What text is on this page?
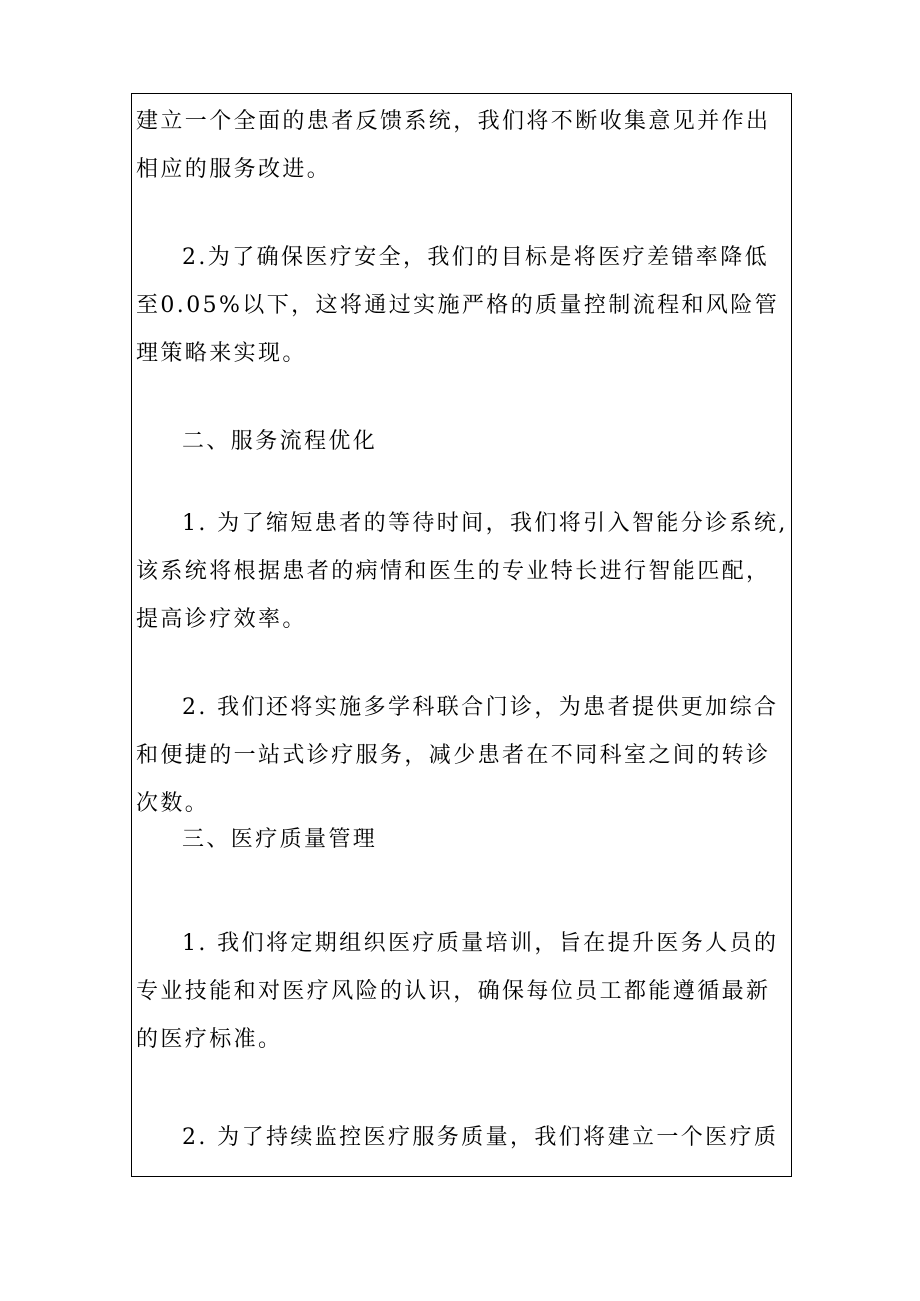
建立一个全面的患者反馈系统，我们将不断收集意见并作出相应的服务改进。

2.为了确保医疗安全，我们的目标是将医疗差错率降低至0.05%以下，这将通过实施严格的质量控制流程和风险管理策略来实现。

二、服务流程优化

1. 为了缩短患者的等待时间，我们将引入智能分诊系统,该系统将根据患者的病情和医生的专业特长进行智能匹配，提高诊疗效率。

2. 我们还将实施多学科联合门诊，为患者提供更加综合和便捷的一站式诊疗服务，减少患者在不同科室之间的转诊次数。

三、医疗质量管理

1. 我们将定期组织医疗质量培训，旨在提升医务人员的专业技能和对医疗风险的认识，确保每位员工都能遵循最新的医疗标准。

2. 为了持续监控医疗服务质量，我们将建立一个医疗质
